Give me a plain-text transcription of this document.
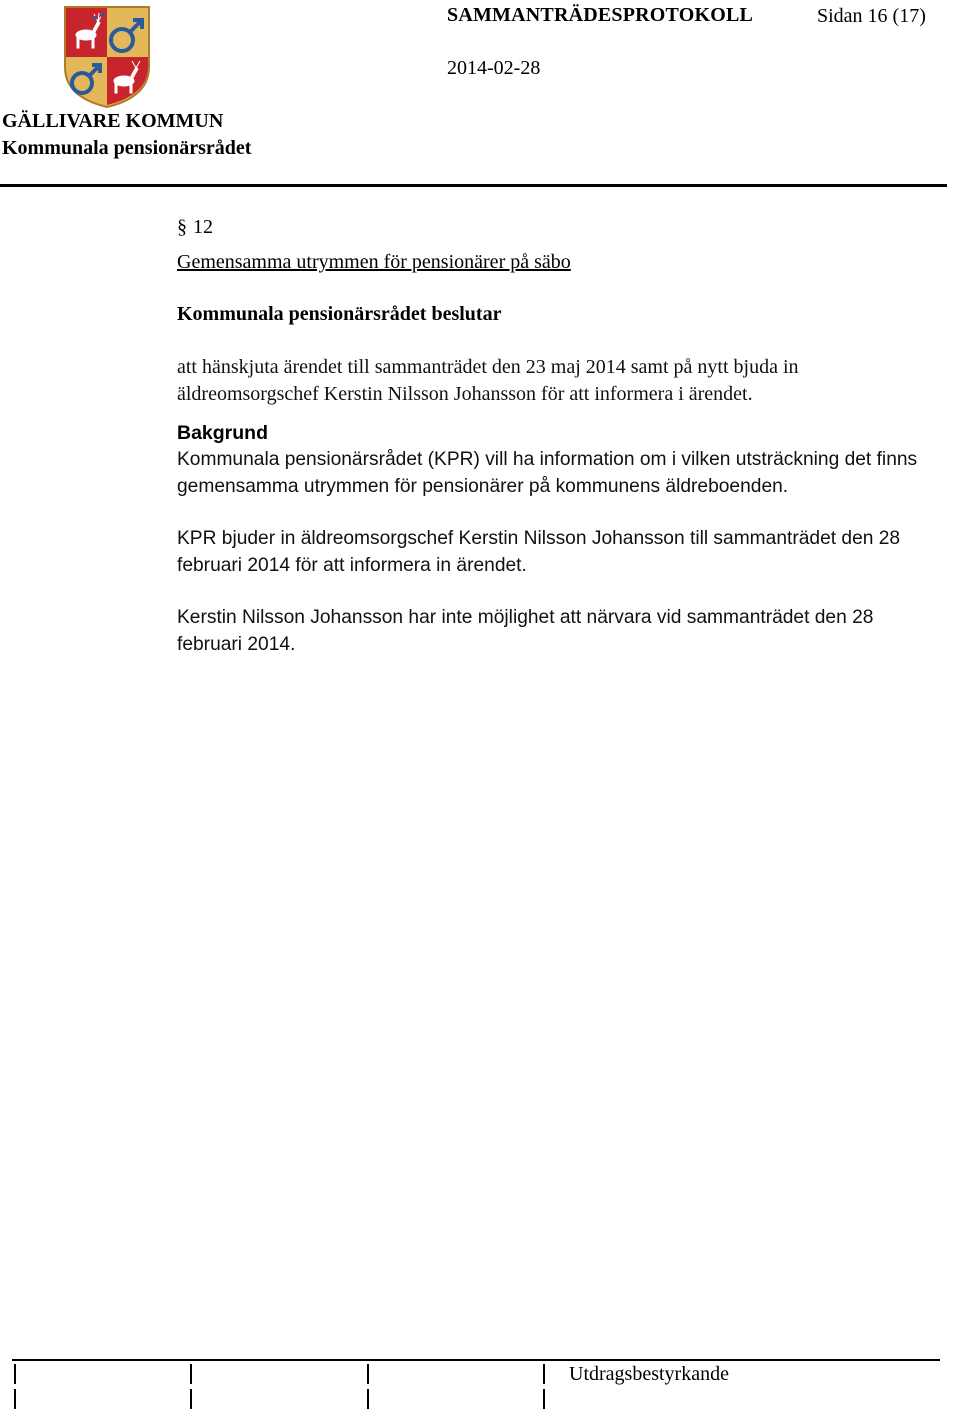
SAMMANTRÄDESPROTOKOLL	Sidan 16 (17)
2014-02-28
GÄLLIVARE KOMMUN
Kommunala pensionärsrådet

§ 12

Gemensamma utrymmen för pensionärer på säbo

Kommunala pensionärsrådet beslutar

att hänskjuta ärendet till sammanträdet den 23 maj 2014 samt på nytt bjuda in äldreomsorgschef Kerstin Nilsson Johansson för att informera i ärendet.

Bakgrund

Kommunala pensionärsrådet (KPR) vill ha information om i vilken utsträckning det finns gemensamma utrymmen för pensionärer på kommunens äldreboenden.

KPR bjuder in äldreomsorgschef Kerstin Nilsson Johansson till sammanträdet den 28 februari 2014 för att informera in ärendet.

Kerstin Nilsson Johansson har inte möjlighet att närvara vid sammanträdet den 28 februari 2014.

Utdragsbestyrkande
